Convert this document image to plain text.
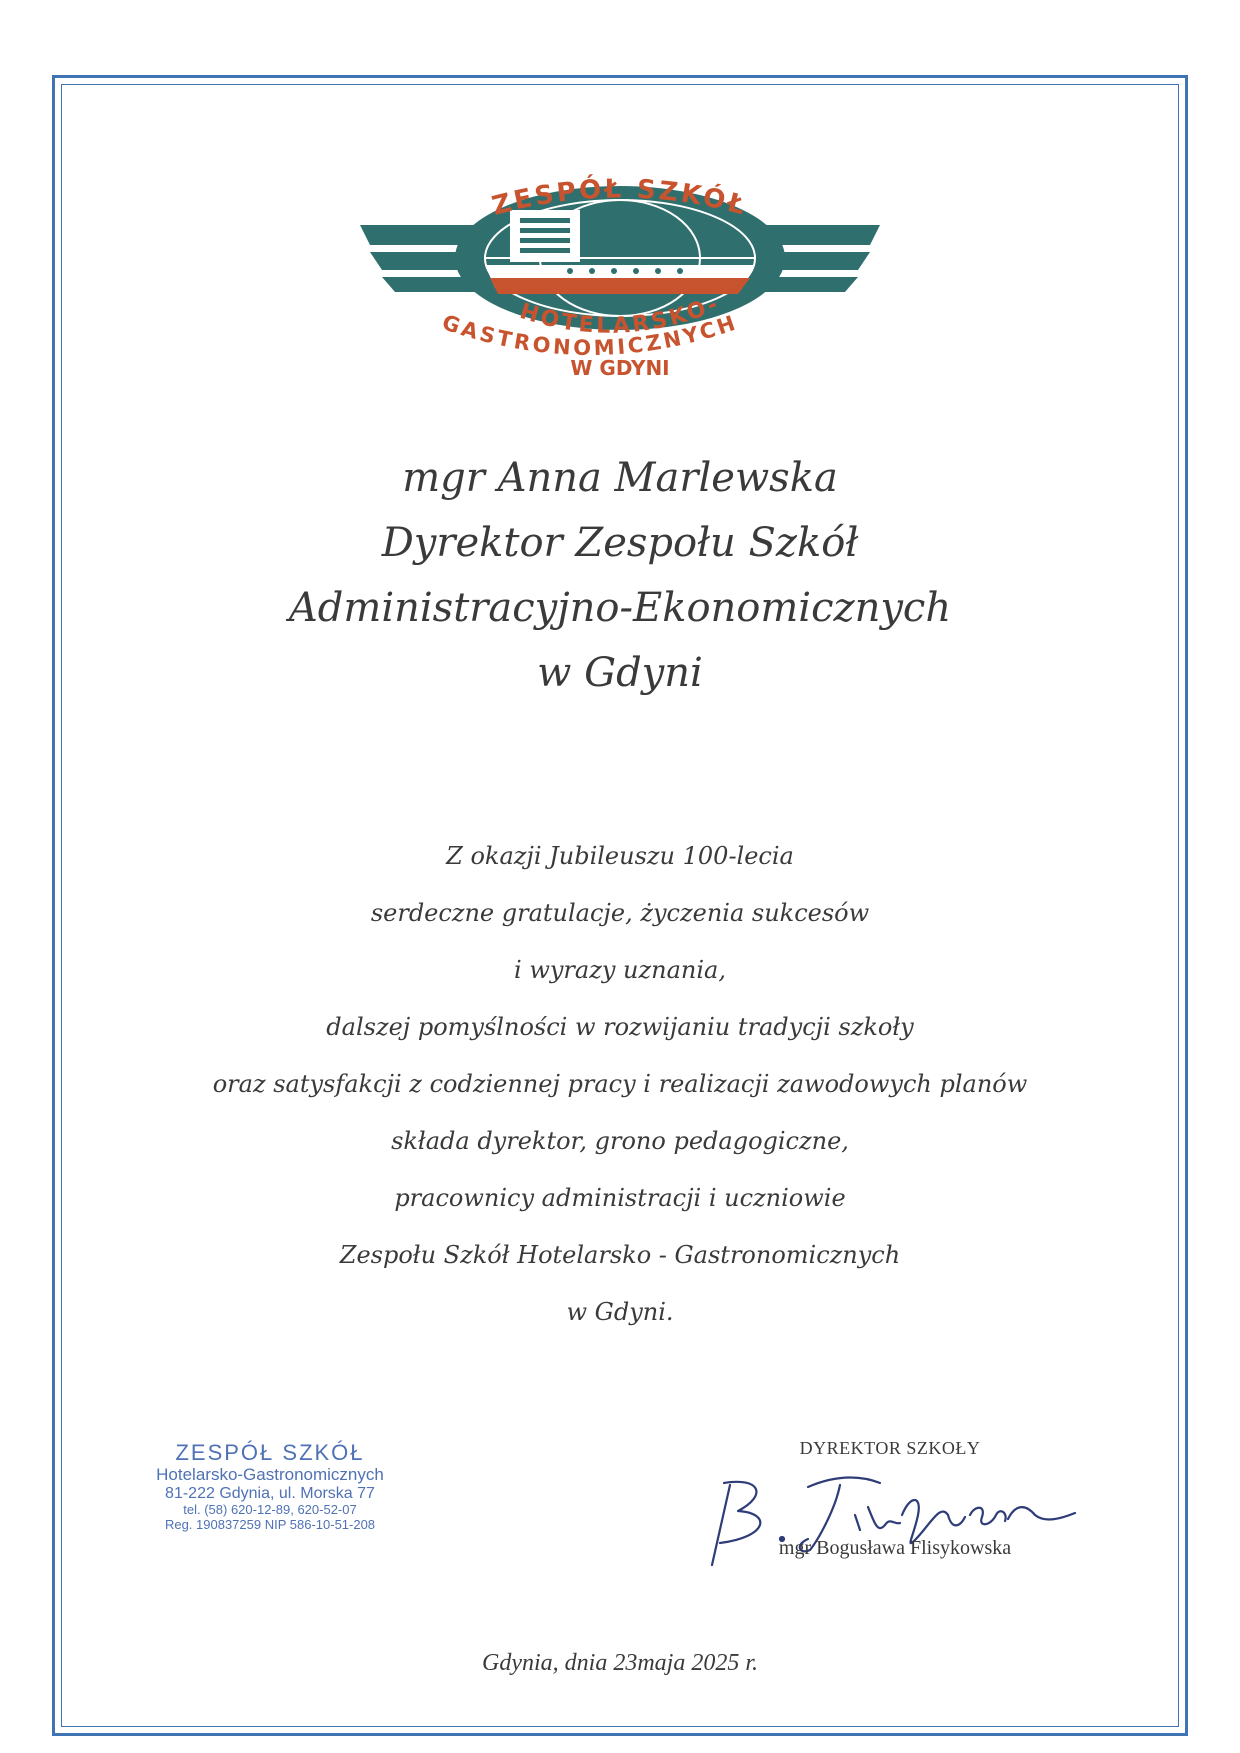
ZESPÓŁ SZKÓŁ
HOTELARSKO-
GASTRONOMICZNYCH
W GDYNI
mgr Anna Marlewska
Dyrektor Zespołu Szkół
Administracyjno-Ekonomicznych
w Gdyni
Z okazji Jubileuszu 100-lecia
serdeczne gratulacje, życzenia sukcesów
i wyrazy uznania,
dalszej pomyślności w rozwijaniu tradycji szkoły
oraz satysfakcji z codziennej pracy i realizacji zawodowych planów
składa dyrektor, grono pedagogiczne,
pracownicy administracji i uczniowie
Zespołu Szkół Hotelarsko - Gastronomicznych
w Gdyni.
ZESPÓŁ SZKÓŁ
Hotelarsko-Gastronomicznych
81-222 Gdynia, ul. Morska 77
tel. (58) 620-12-89, 620-52-07
Reg. 190837259 NIP 586-10-51-208
DYREKTOR SZKOŁY
mgr Bogusława Flisykowska
Gdynia, dnia 23maja 2025 r.
